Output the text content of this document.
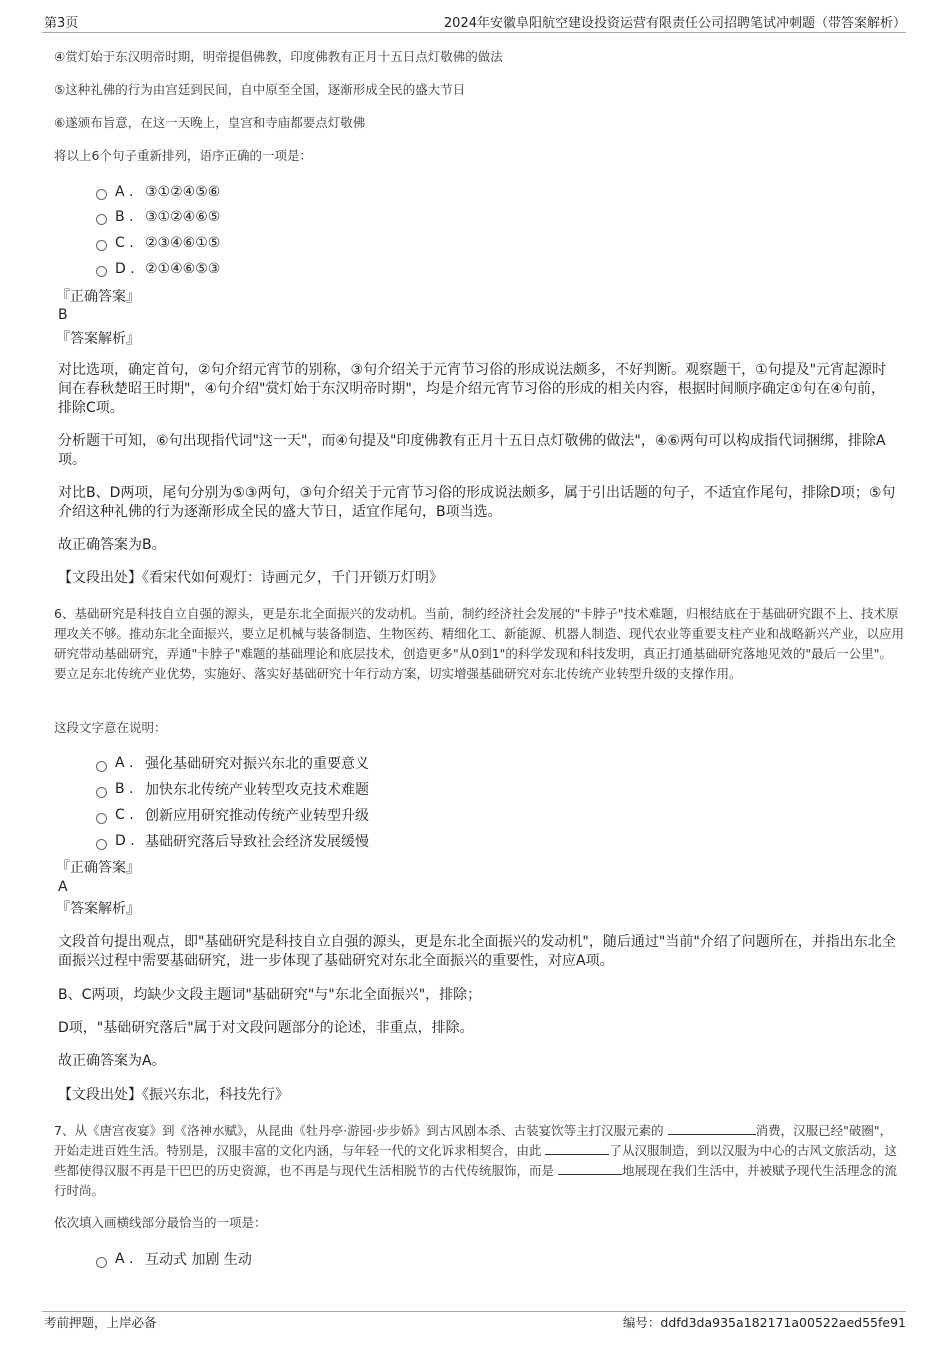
第3页	2024年安徽阜阳航空建设投资运营有限责任公司招聘笔试冲刺题（带答案解析）
④赏灯始于东汉明帝时期，明帝提倡佛教，印度佛教有正月十五日点灯敬佛的做法
⑤这种礼佛的行为由宫廷到民间，自中原至全国，逐渐形成全民的盛大节日
⑥遂颁布旨意，在这一天晚上，皇宫和寺庙都要点灯敬佛
将以上6个句子重新排列，语序正确的一项是：
A . ③①②④⑤⑥
B . ③①②④⑥⑤
C . ②③④⑥①⑤
D . ②①④⑥⑤③
『正确答案』
B
『答案解析』
对比选项，确定首句，②句介绍元宵节的别称，③句介绍关于元宵节习俗的形成说法颇多，不好判断。观察题干，①句提及"元宵起源时间在春秋楚昭王时期"，④句介绍"赏灯始于东汉明帝时期"，均是介绍元宵节习俗的形成的相关内容，根据时间顺序确定①句在④句前，排除C项。
分析题干可知，⑥句出现指代词"这一天"，而④句提及"印度佛教有正月十五日点灯敬佛的做法"，④⑥两句可以构成指代词捆绑，排除A项。
对比B、D两项，尾句分别为⑤③两句，③句介绍关于元宵节习俗的形成说法颇多，属于引出话题的句子，不适宜作尾句，排除D项；⑤句介绍这种礼佛的行为逐渐形成全民的盛大节日，适宜作尾句，B项当选。
故正确答案为B。
【文段出处】《看宋代如何观灯：诗画元夕，千门开锁万灯明》
6、基础研究是科技自立自强的源头，更是东北全面振兴的发动机。当前，制约经济社会发展的"卡脖子"技术难题，归根结底在于基础研究跟不上、技术原理攻关不够。推动东北全面振兴，要立足机械与装备制造、生物医药、精细化工、新能源、机器人制造、现代农业等重要支柱产业和战略新兴产业，以应用研究带动基础研究，弄通"卡脖子"难题的基础理论和底层技术，创造更多"从0到1"的科学发现和科技发明，真正打通基础研究落地见效的"最后一公里"。要立足东北传统产业优势，实施好、落实好基础研究十年行动方案，切实增强基础研究对东北传统产业转型升级的支撑作用。
这段文字意在说明：
A . 强化基础研究对振兴东北的重要意义
B . 加快东北传统产业转型攻克技术难题
C . 创新应用研究推动传统产业转型升级
D . 基础研究落后导致社会经济发展缓慢
『正确答案』
A
『答案解析』
文段首句提出观点，即"基础研究是科技自立自强的源头，更是东北全面振兴的发动机"，随后通过"当前"介绍了问题所在，并指出东北全面振兴过程中需要基础研究，进一步体现了基础研究对东北全面振兴的重要性，对应A项。
B、C两项，均缺少文段主题词"基础研究"与"东北全面振兴"，排除；
D项，"基础研究落后"属于对文段问题部分的论述，非重点，排除。
故正确答案为A。
【文段出处】《振兴东北，科技先行》
7、从《唐宫夜宴》到《洛神水赋》，从昆曲《牡丹亭·游园·步步娇》到古风剧本杀、古装宴饮等主打汉服元素的	消费，汉服已经"破圈"，开始走进百姓生活。特别是，汉服丰富的文化内涵，与年轻一代的文化诉求相契合，由此	了从汉服制造，到以汉服为中心的古风文旅活动，这些都使得汉服不再是干巴巴的历史资源，也不再是与现代生活相脱节的古代传统服饰，而是	地展现在我们生活中，并被赋予现代生活理念的流行时尚。
依次填入画横线部分最恰当的一项是：
A . 互动式 加剧 生动
考前押题，上岸必备	编号：ddfd3da935a182171a00522aed55fe91
